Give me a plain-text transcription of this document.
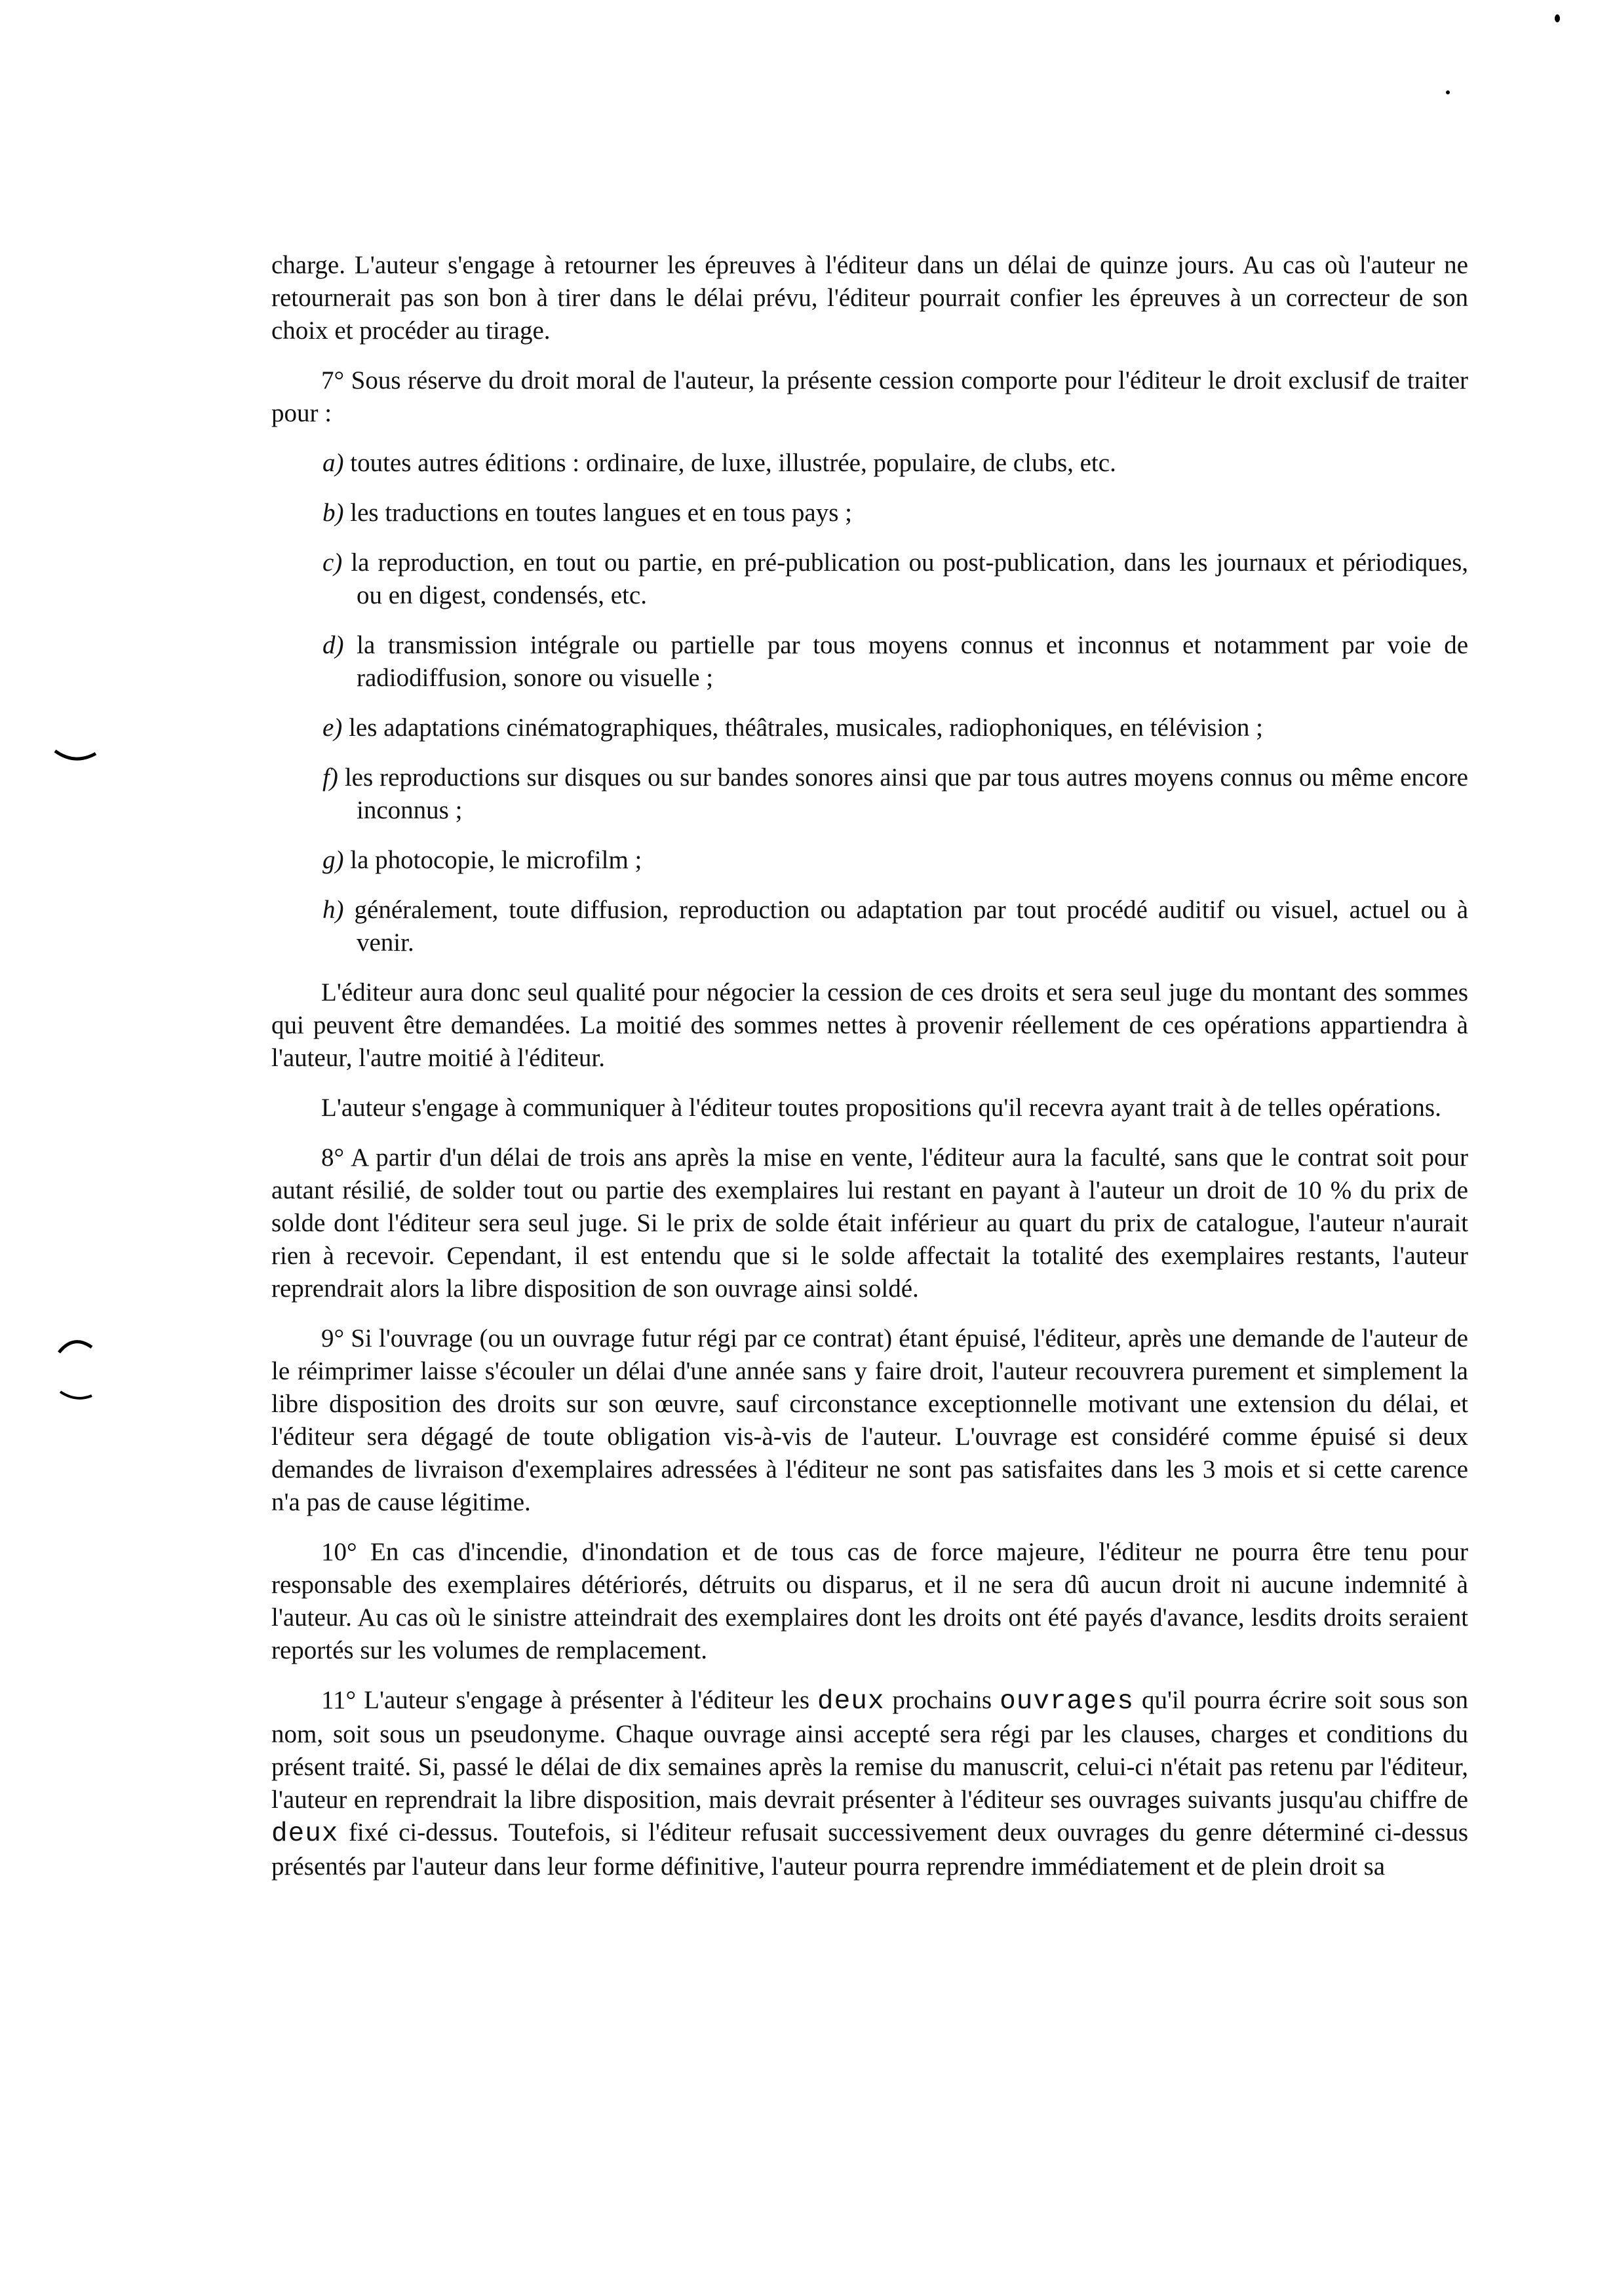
charge. L'auteur s'engage à retourner les épreuves à l'éditeur dans un délai de quinze jours. Au cas où l'auteur ne retournerait pas son bon à tirer dans le délai prévu, l'éditeur pourrait confier les épreuves à un correcteur de son choix et procéder au tirage.

7° Sous réserve du droit moral de l'auteur, la présente cession comporte pour l'éditeur le droit exclusif de traiter pour :

a) toutes autres éditions : ordinaire, de luxe, illustrée, populaire, de clubs, etc.
b) les traductions en toutes langues et en tous pays ;
c) la reproduction, en tout ou partie, en pré-publication ou post-publication, dans les journaux et périodiques, ou en digest, condensés, etc.
d) la transmission intégrale ou partielle par tous moyens connus et inconnus et notamment par voie de radiodiffusion, sonore ou visuelle ;
e) les adaptations cinématographiques, théâtrales, musicales, radiophoniques, en télévision ;
f) les reproductions sur disques ou sur bandes sonores ainsi que par tous autres moyens connus ou même encore inconnus ;
g) la photocopie, le microfilm ;
h) généralement, toute diffusion, reproduction ou adaptation par tout procédé auditif ou visuel, actuel ou à venir.

L'éditeur aura donc seul qualité pour négocier la cession de ces droits et sera seul juge du montant des sommes qui peuvent être demandées. La moitié des sommes nettes à provenir réellement de ces opérations appartiendra à l'auteur, l'autre moitié à l'éditeur.

L'auteur s'engage à communiquer à l'éditeur toutes propositions qu'il recevra ayant trait à de telles opérations.

8° A partir d'un délai de trois ans après la mise en vente, l'éditeur aura la faculté, sans que le contrat soit pour autant résilié, de solder tout ou partie des exemplaires lui restant en payant à l'auteur un droit de 10 % du prix de solde dont l'éditeur sera seul juge. Si le prix de solde était inférieur au quart du prix de catalogue, l'auteur n'aurait rien à recevoir. Cependant, il est entendu que si le solde affectait la totalité des exemplaires restants, l'auteur reprendrait alors la libre disposition de son ouvrage ainsi soldé.

9° Si l'ouvrage (ou un ouvrage futur régi par ce contrat) étant épuisé, l'éditeur, après une demande de l'auteur de le réimprimer laisse s'écouler un délai d'une année sans y faire droit, l'auteur recouvrera purement et simplement la libre disposition des droits sur son œuvre, sauf circonstance exceptionnelle motivant une extension du délai, et l'éditeur sera dégagé de toute obligation vis-à-vis de l'auteur. L'ouvrage est considéré comme épuisé si deux demandes de livraison d'exemplaires adressées à l'éditeur ne sont pas satisfaites dans les 3 mois et si cette carence n'a pas de cause légitime.

10° En cas d'incendie, d'inondation et de tous cas de force majeure, l'éditeur ne pourra être tenu pour responsable des exemplaires détériorés, détruits ou disparus, et il ne sera dû aucun droit ni aucune indemnité à l'auteur. Au cas où le sinistre atteindrait des exemplaires dont les droits ont été payés d'avance, lesdits droits seraient reportés sur les volumes de remplacement.

11° L'auteur s'engage à présenter à l'éditeur les deux prochains ouvrages qu'il pourra écrire soit sous son nom, soit sous un pseudonyme. Chaque ouvrage ainsi accepté sera régi par les clauses, charges et conditions du présent traité. Si, passé le délai de dix semaines après la remise du manuscrit, celui-ci n'était pas retenu par l'éditeur, l'auteur en reprendrait la libre disposition, mais devrait présenter à l'éditeur ses ouvrages suivants jusqu'au chiffre de deux fixé ci-dessus. Toutefois, si l'éditeur refusait successivement deux ouvrages du genre déterminé ci-dessus présentés par l'auteur dans leur forme définitive, l'auteur pourra reprendre immédiatement et de plein droit sa
